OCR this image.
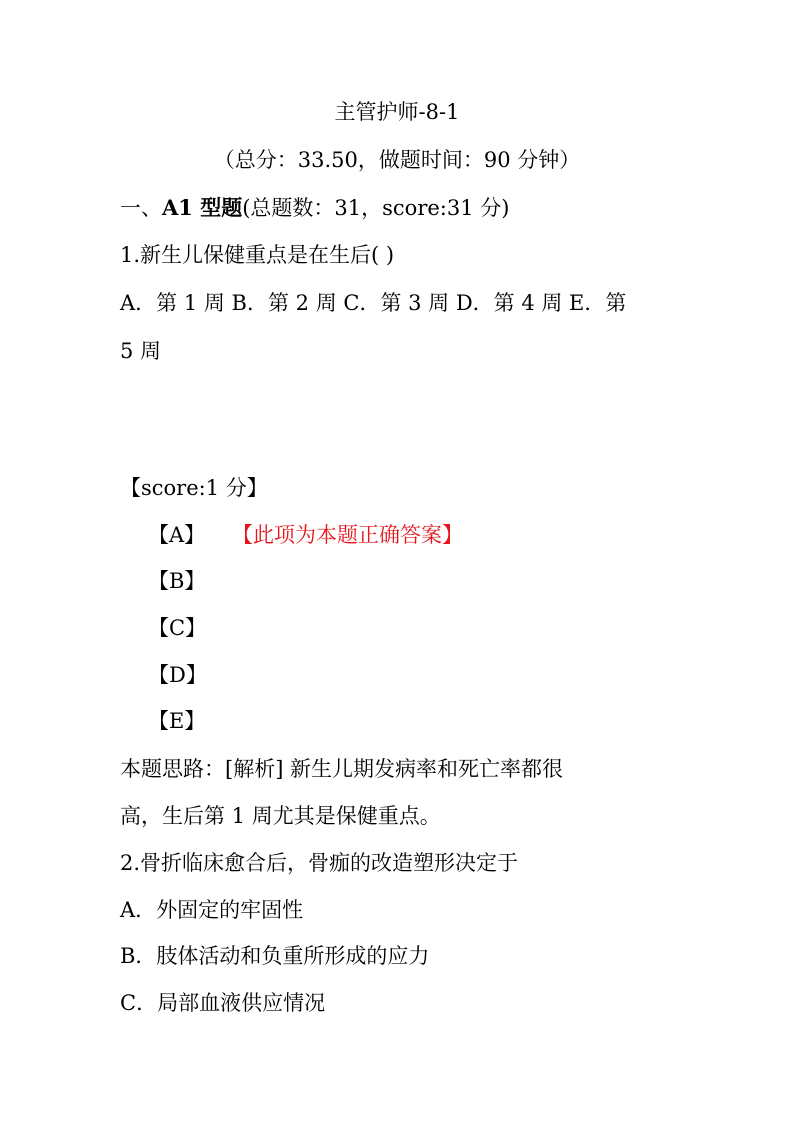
主管护师-8-1
（总分：33.50，做题时间：90 分钟）
一、A1 型题(总题数：31，score:31 分)
1.新生儿保健重点是在生后( )
A．第 1 周 B．第 2 周 C．第 3 周 D．第 4 周 E．第
5 周
【score:1 分】
【A】 【此项为本题正确答案】
【B】
【C】
【D】
【E】
本题思路：[解析] 新生儿期发病率和死亡率都很
高，生后第 1 周尤其是保健重点。
2.骨折临床愈合后，骨痂的改造塑形决定于
A．外固定的牢固性
B．肢体活动和负重所形成的应力
C．局部血液供应情况
